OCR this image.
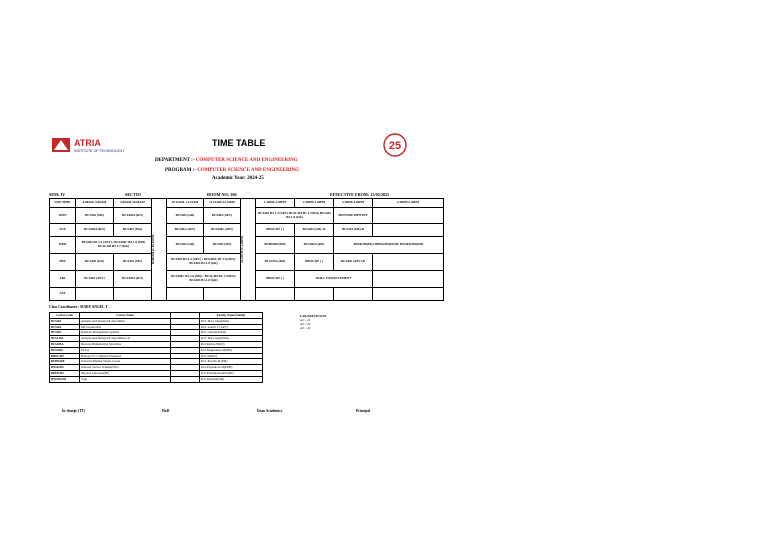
ATRIA
INSTITUTE OF TECHNOLOGY	25
TIME TABLE
DEPARTMENT :- COMPUTER SCIENCE AND ENGINEERING
PROGRAM :- COMPUTER SCIENCE AND ENGINEERING
Academic Year: 2024-25
SEM: IV	SECTIO	ROOM NO: 306	EFFECTIVE FROM: 12/02/2025
DAY/TIME	8.00AM- 9.00AM	9.00AM-10.00AM	10.00AM to 10.15AM	10.15AM- 11.15AM	11.15AM-12.15PM	12.15PM to 1.30PM	1.30PM-2.30PM	2.30PM-3.30PM	3.30PM-4.30PM	4.30PM-5.30PM
MON	BCS401 (MS)	BCS405A (RN)		BCS403 (GR)	BCS402 (APV)		BCS402 B3-1.4 (APV) BCSL404 B1-1.7(MA) BCS403 B3-1.8 (GR)		MENTOR-MENTEE	
TUE	BCS405A (RN)	BCS403 (MA)		BCS402 (APV)	BCS456C (MN)		BBOC407 ( )	BCS403 (GR)- B	BCS401 (MS)-B	
WED	BCS402 B3-1.4 (APV) / BCS456C B2-1.6 (MN) BCSL404 B3-1.7 (MA)			BCS403 (GR)	BCS401 (MS)		BUH€408 (PM)	BCS405A (RN)	BNSK459(PK)/ BPEK459(PUM)/ BYOFK459(NM)	
THU	BCS403 (GR)	BCS401 (MS)		BCS402 B3-1.4 (APV) / BCS456C B1-1.6 (MN)/ BCS403 B2-1.8 (GR)			BCS415A (RN)	BBOC407 ( )	BCS402 (APV)-B	
FRI	BCS402 (APV)	BCS405A (RN)		BCS456C B3-1.6 (MN) / BCSL404 B2-1.7(MA)/ BCS403 B1-1.8 (GR)			BBOC407 ( )	SKILL ENHANCEMENT		
SAT										
Class Coordinator : MARY ANGEL T
Course Code	Course Name		Faculty Name (Initial)
BCS401	Analysis And Design Of Algorithms		Prof. Mary Angel(MA)
BCS402	Microcontrollers		Prof. Asha P V (APV)
BCS403	Database Management Systems		Prof. Gautam R(GR)
BCSL404	Analysis And Design Of Algorithms Lab		Prof. Mary Angel(MA)
BCS405A	Discrete Mathematical Structures		Prof.Ramya N(RN)
BCS456C	UI/UX		Prof.Meghashree M(MN)
BBOC407	Biology For Computer Engineers		Prof.Abhinay
BUHK408	Universal Human Values Course		Prof. Preethy M (PM)
BNSK459	National Service Scheme(NSS)		Prof.Priyanka K M(PKM)
BPEK459	Physical education(PE)		Prof.Priyanka Kamble(PK)
BYOFK459	Yoga		Prof.Niranjan(NM)
LAB BATCH SIZE
A1 = 21
A2 = 22
A3 = 22
In-charge (TT)	HoD	Dean Academics	Principal
